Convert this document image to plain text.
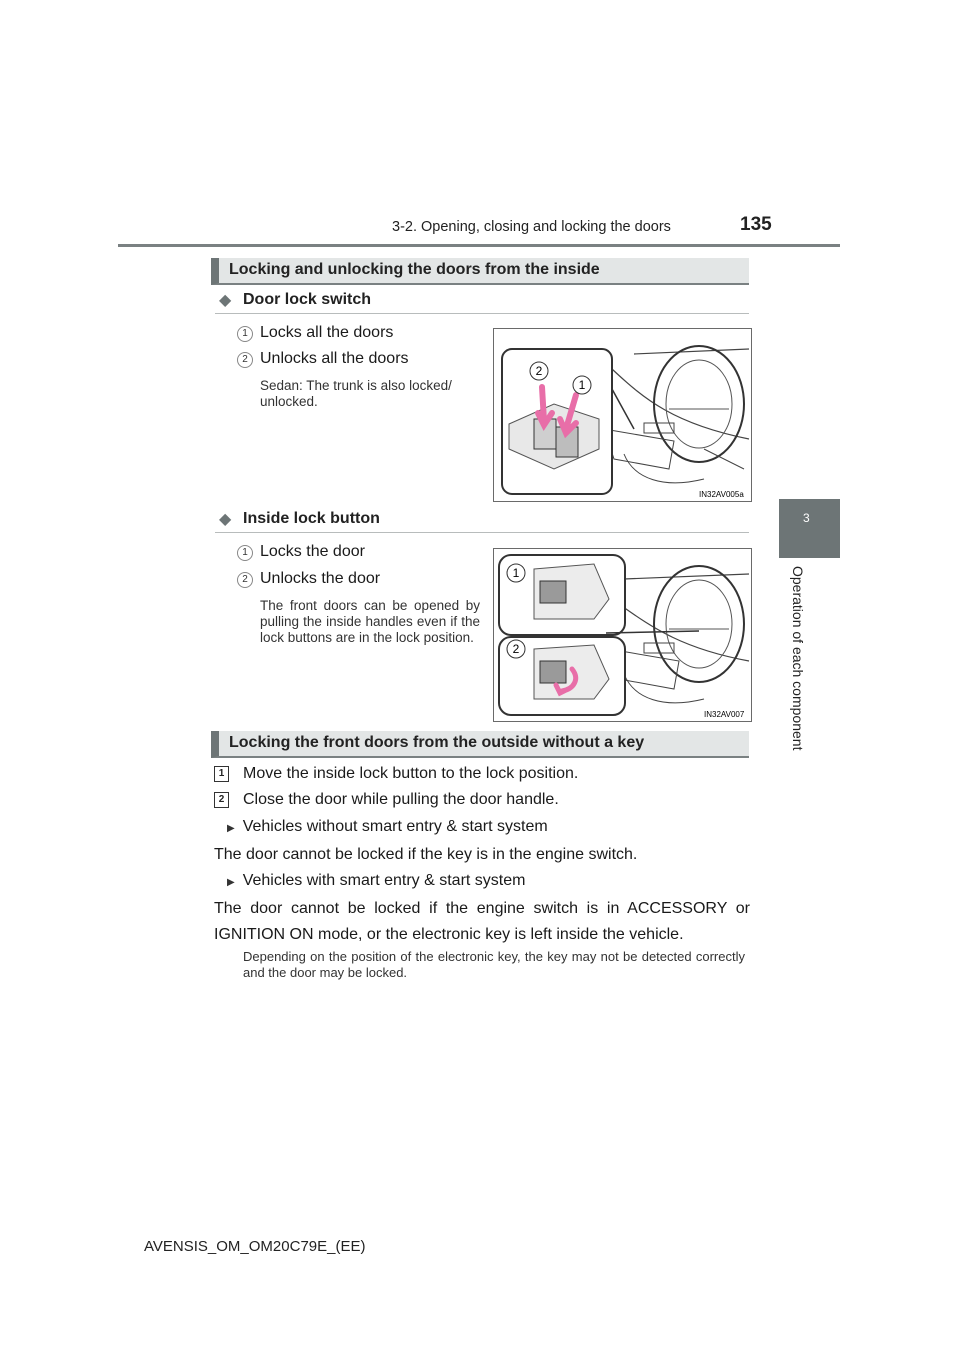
3-2. Opening, closing and locking the doors	135
3
Operation of each component
Locking and unlocking the doors from the inside
◆ Door lock switch
1 Locks all the doors
2 Unlocks all the doors
Sedan: The trunk is also locked/ unlocked.
2
1
IN32AV005a
◆ Inside lock button
1 Locks the door
2 Unlocks the door
The front doors can be opened by pulling the inside handles even if the lock buttons are in the lock position.
1
2
IN32AV007
Locking the front doors from the outside without a key
1 Move the inside lock button to the lock position.
2 Close the door while pulling the door handle.
▶ Vehicles without smart entry & start system
The door cannot be locked if the key is in the engine switch.
▶ Vehicles with smart entry & start system
The door cannot be locked if the engine switch is in ACCESSORY or IGNITION ON mode, or the electronic key is left inside the vehicle.
Depending on the position of the electronic key, the key may not be detected correctly and the door may be locked.
AVENSIS_OM_OM20C79E_(EE)
